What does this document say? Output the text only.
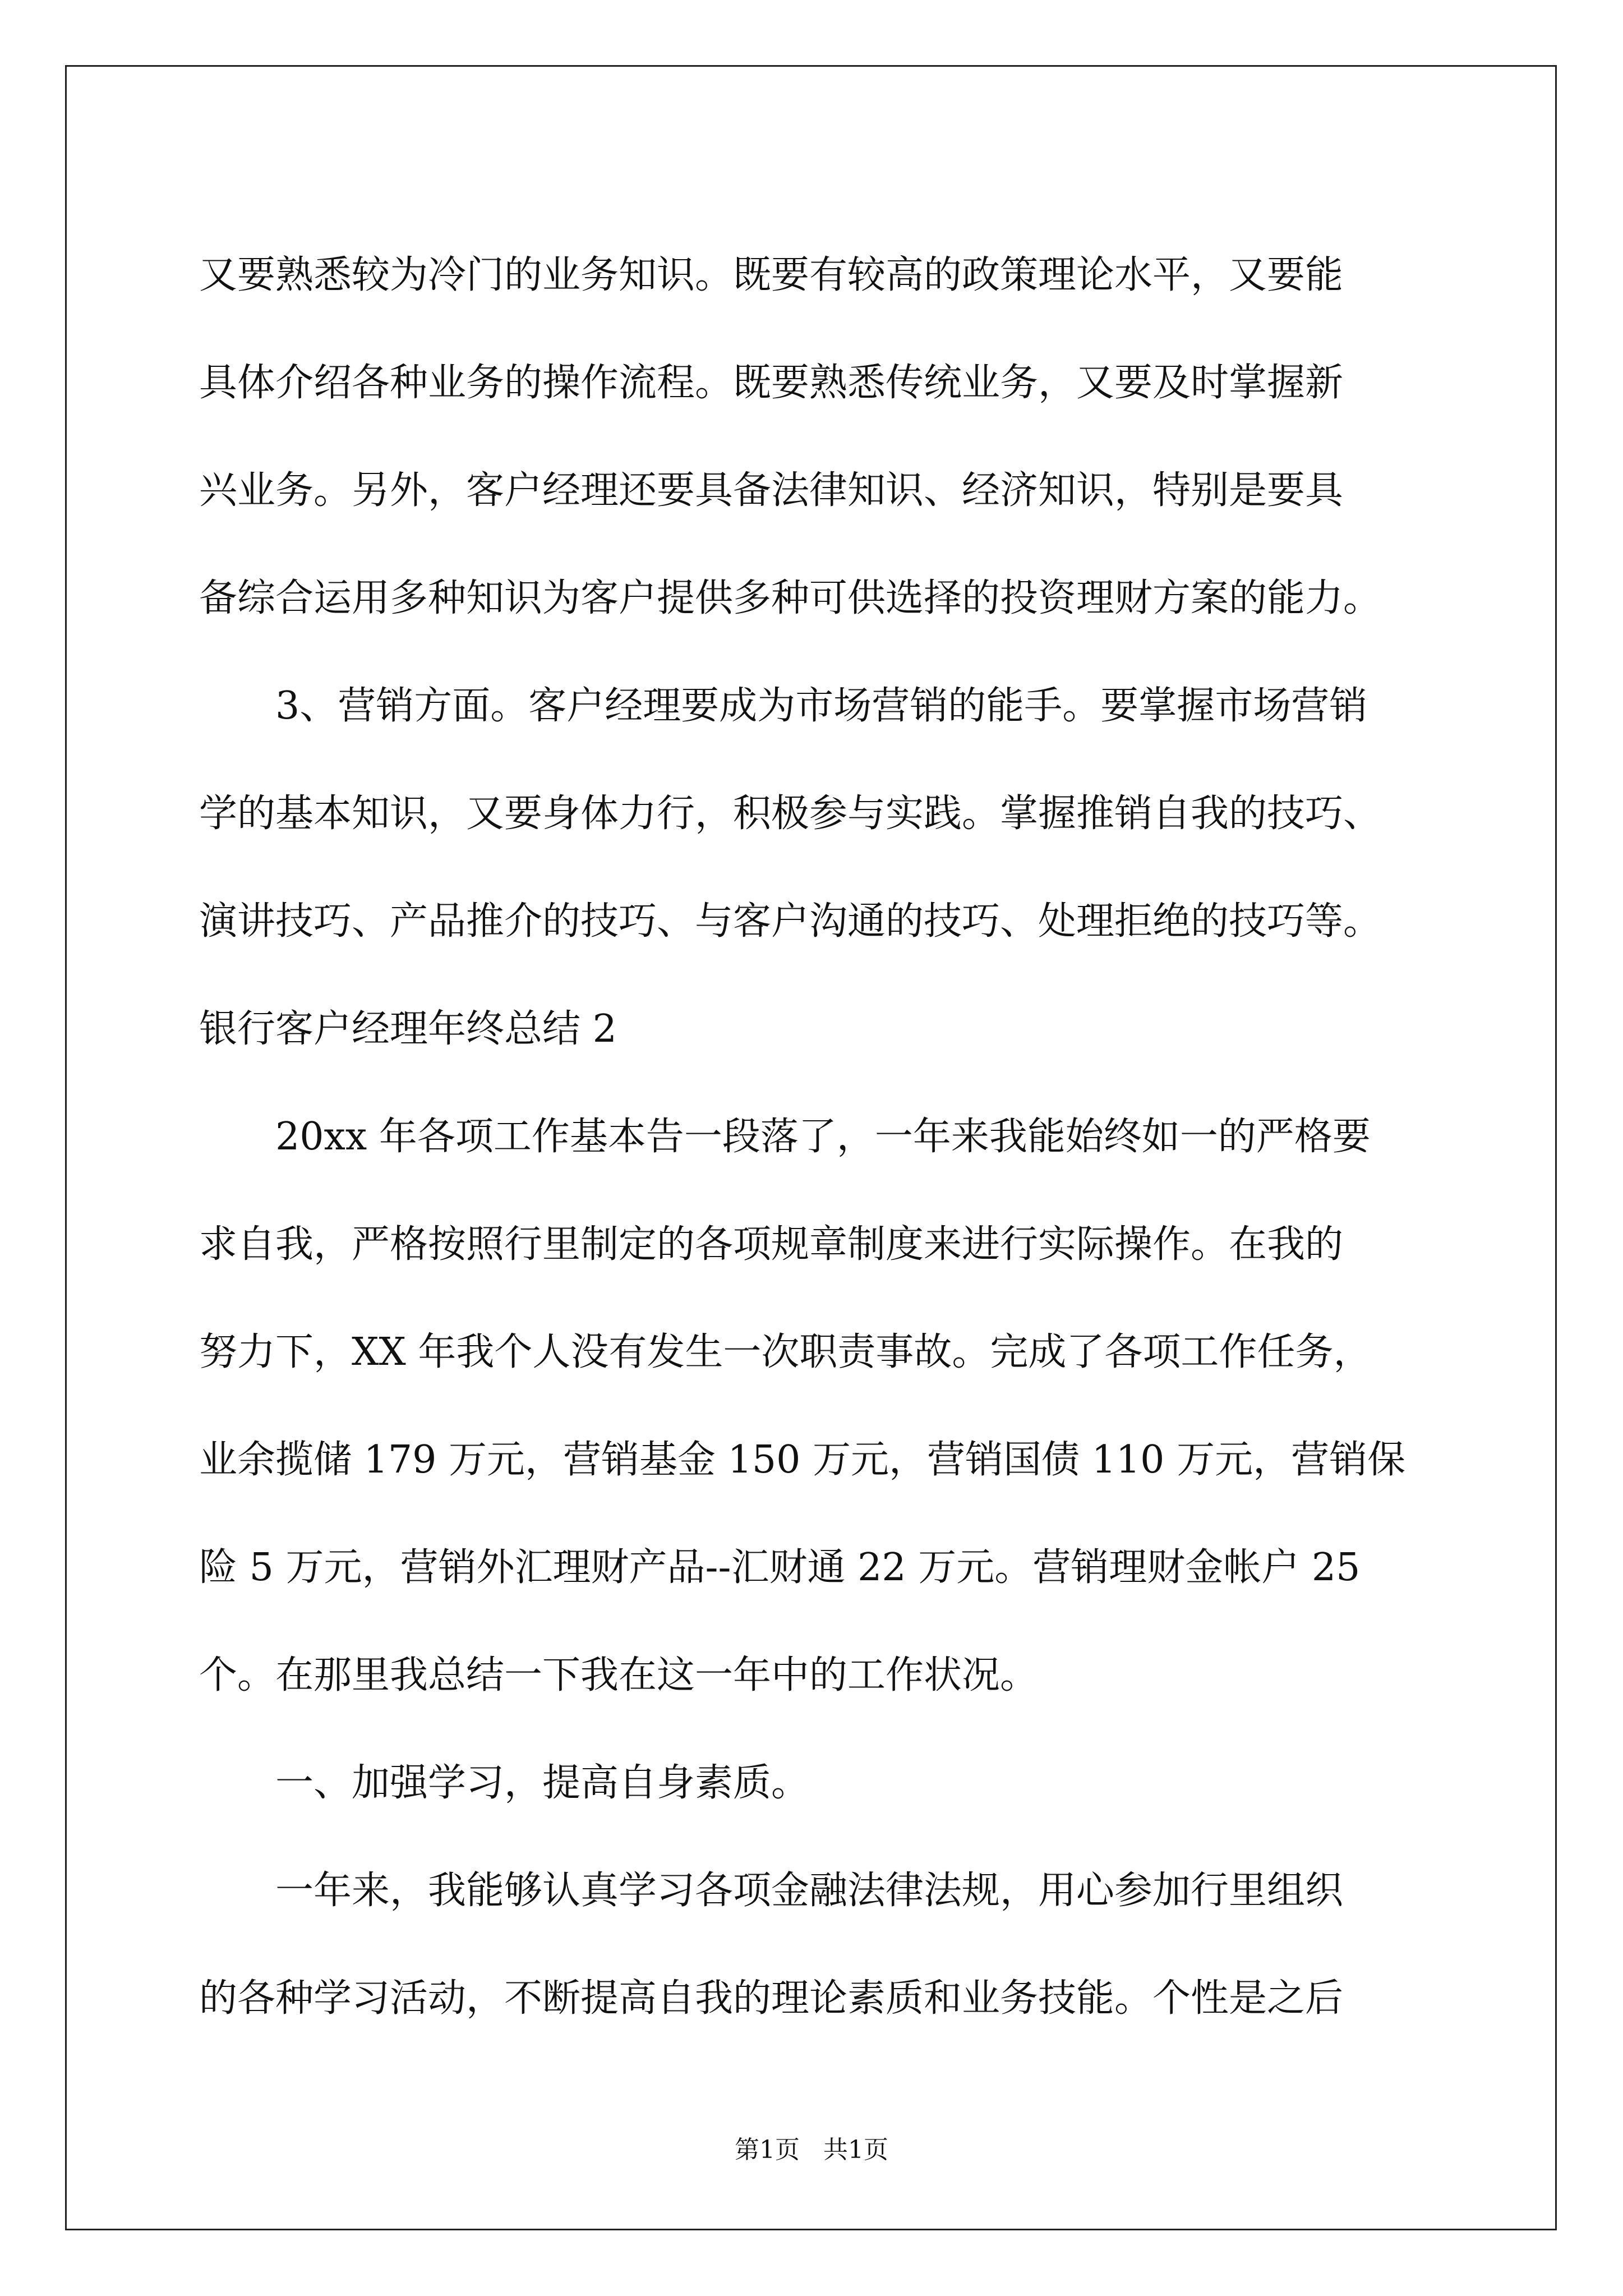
又要熟悉较为冷门的业务知识。既要有较高的政策理论水平，又要能
具体介绍各种业务的操作流程。既要熟悉传统业务，又要及时掌握新
兴业务。另外，客户经理还要具备法律知识、经济知识，特别是要具
备综合运用多种知识为客户提供多种可供选择的投资理财方案的能力。
3、营销方面。客户经理要成为市场营销的能手。要掌握市场营销
学的基本知识，又要身体力行，积极参与实践。掌握推销自我的技巧、
演讲技巧、产品推介的技巧、与客户沟通的技巧、处理拒绝的技巧等。
银行客户经理年终总结 2
20xx 年各项工作基本告一段落了，一年来我能始终如一的严格要
求自我，严格按照行里制定的各项规章制度来进行实际操作。在我的
努力下，XX 年我个人没有发生一次职责事故。完成了各项工作任务，
业余揽储 179 万元，营销基金 150 万元，营销国债 110 万元，营销保
险 5 万元，营销外汇理财产品--汇财通 22 万元。营销理财金帐户 25
个。在那里我总结一下我在这一年中的工作状况。
一、加强学习，提高自身素质。
一年来，我能够认真学习各项金融法律法规，用心参加行里组织
的各种学习活动，不断提高自我的理论素质和业务技能。个性是之后
第1页   共1页
